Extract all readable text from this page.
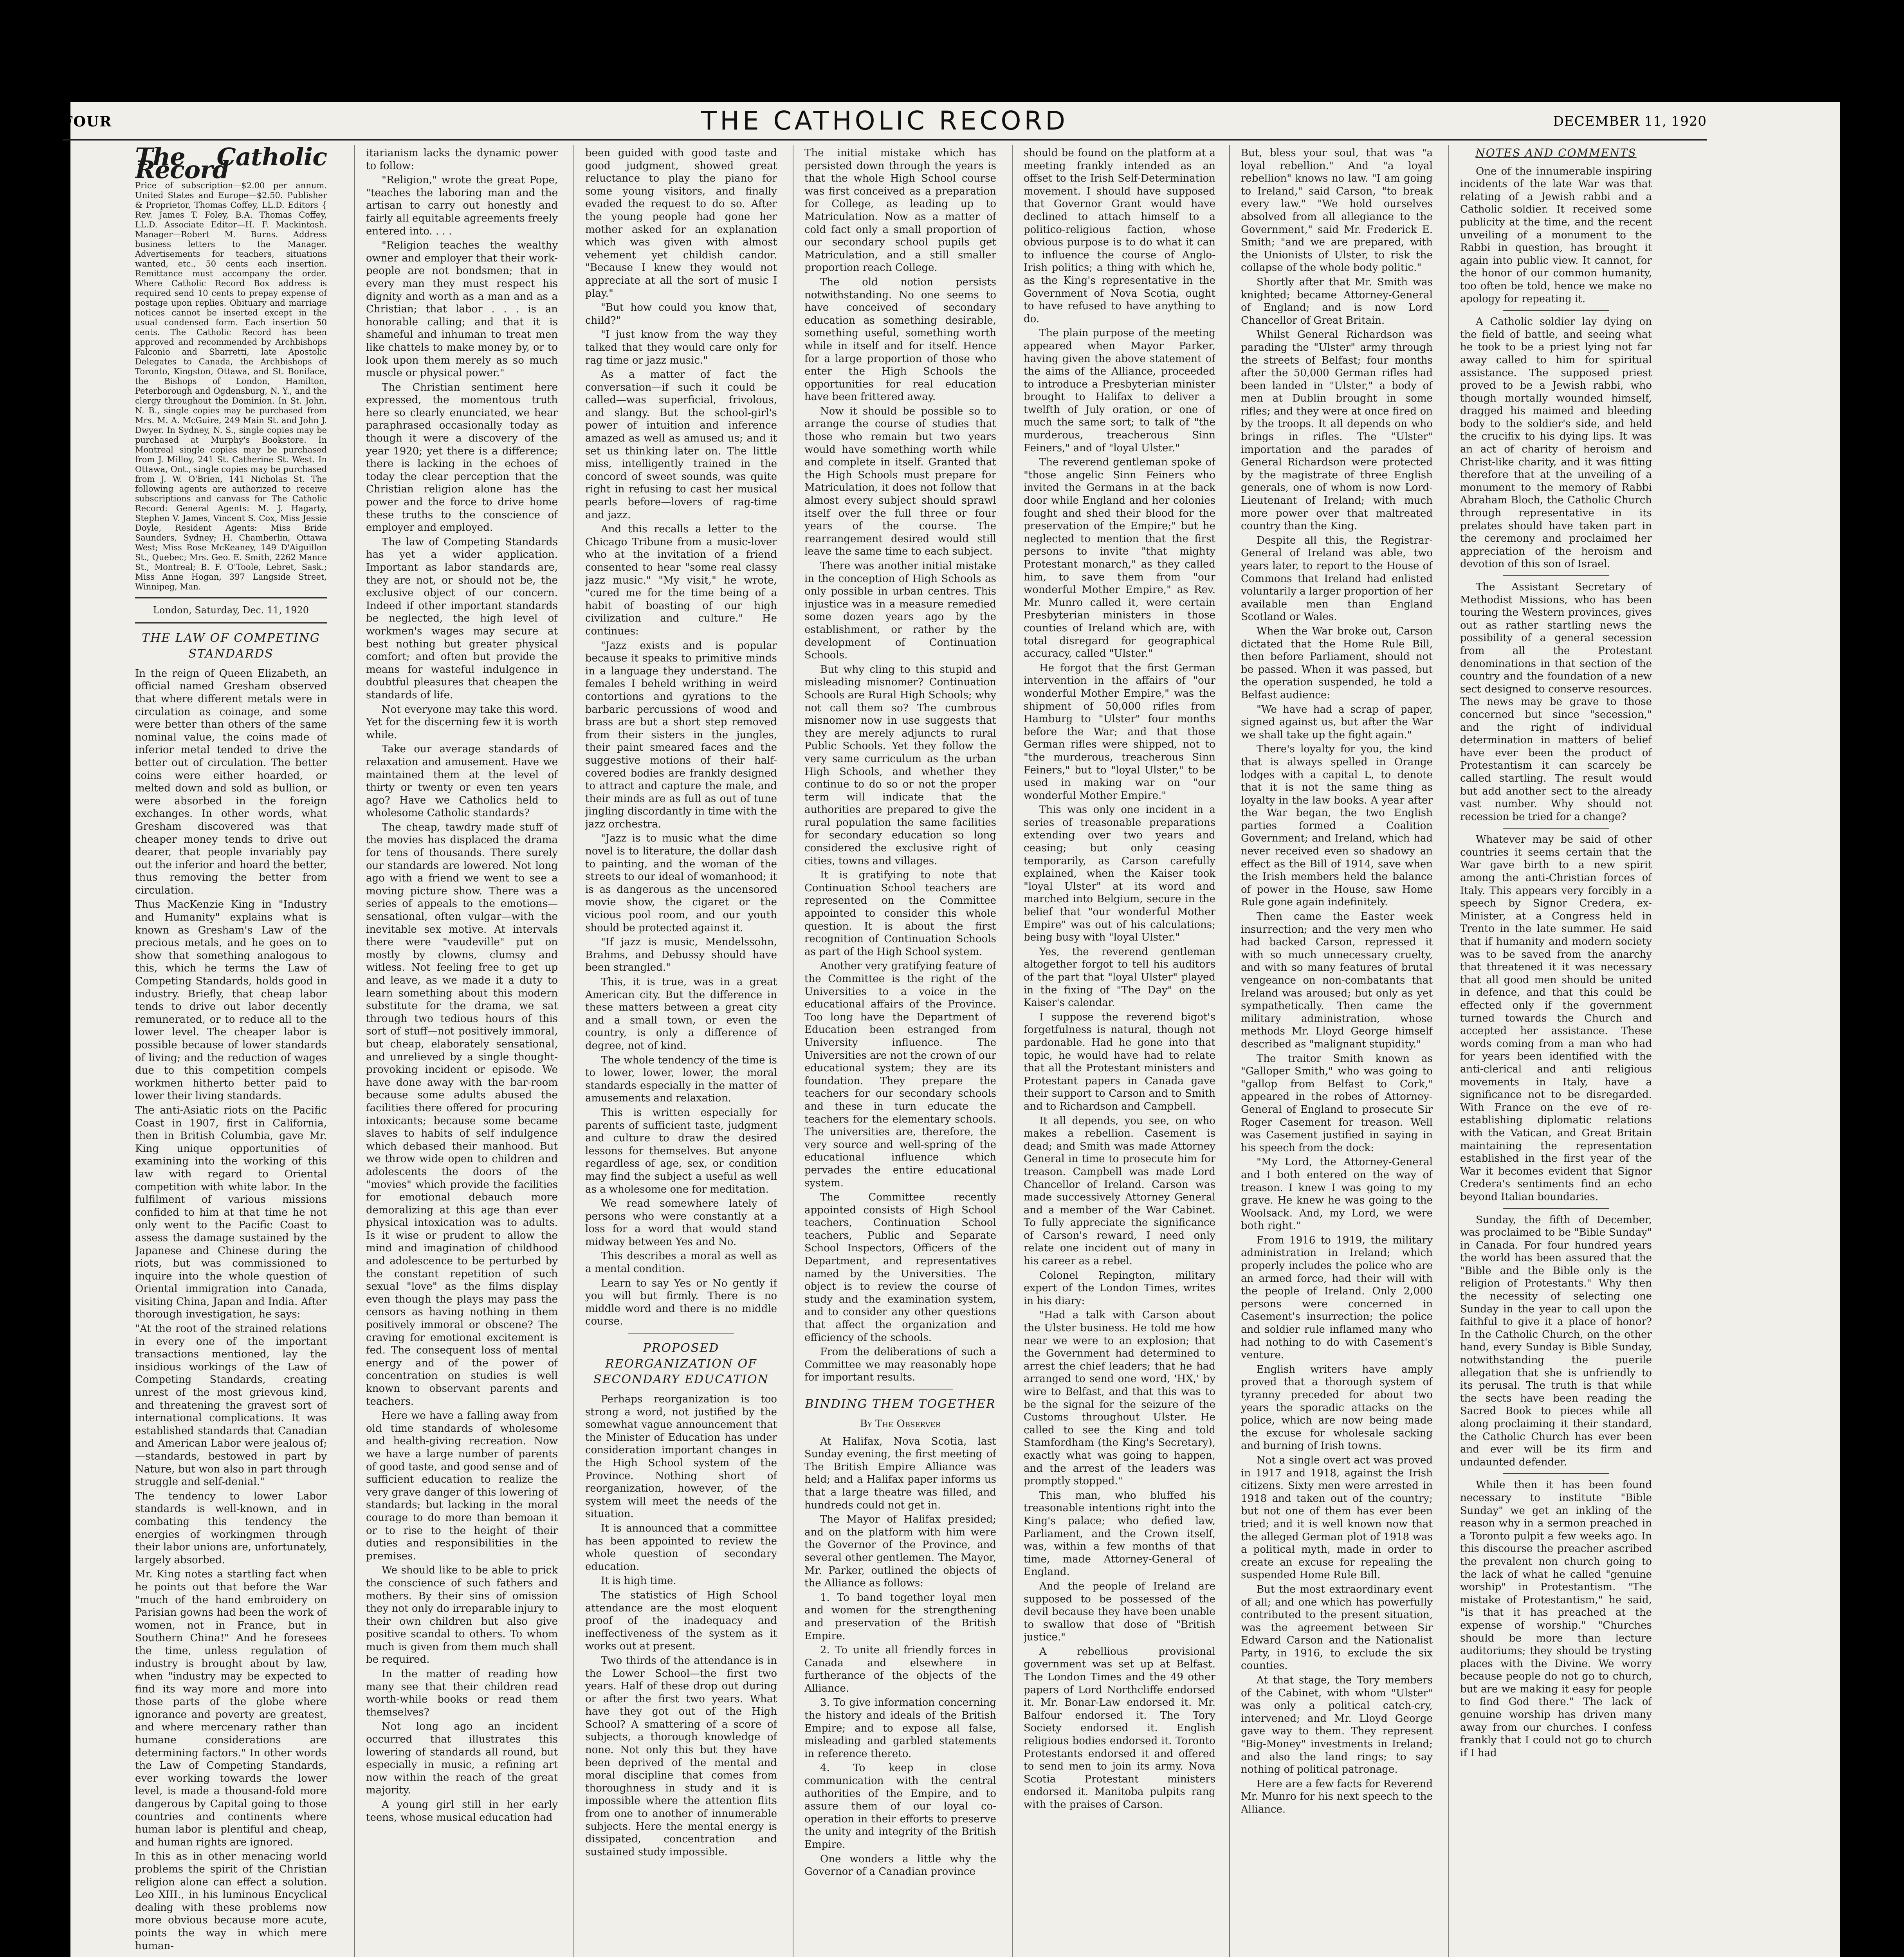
FOUR	THE CATHOLIC RECORD	DECEMBER 11, 1920
The Catholic Record
Price of subscription—$2.00 per annum. United States and Europe—$2.50. Publisher & Proprietor, Thomas Coffey, LL.D. Editors { Rev. James T. Foley, B.A. Thomas Coffey, LL.D. Associate Editor—H. F. Mackintosh. Manager—Robert M. Burns. Address business letters to the Manager. Advertisements for teachers, situations wanted, etc., 50 cents each insertion. Remittance must accompany the order. Where Catholic Record Box address is required send 10 cents to prepay expense of postage upon replies. Obituary and marriage notices cannot be inserted except in the usual condensed form. Each insertion 50 cents. The Catholic Record has been approved and recommended by Archbishops Falconio and Sbarretti, late Apostolic Delegates to Canada, the Archbishops of Toronto, Kingston, Ottawa, and St. Boniface, the Bishops of London, Hamilton, Peterborough and Ogdensburg, N. Y., and the clergy throughout the Dominion. In St. John, N. B., single copies may be purchased from Mrs. M. A. McGuire, 249 Main St. and John J. Dwyer. In Sydney, N. S., single copies may be purchased at Murphy's Bookstore. In Montreal single copies may be purchased from J. Milloy, 241 St. Catherine St. West. In Ottawa, Ont., single copies may be purchased from J. W. O'Brien, 141 Nicholas St. The following agents are authorized to receive subscriptions and canvass for The Catholic Record: General Agents: M. J. Hagarty, Stephen V. James, Vincent S. Cox, Miss Jessie Doyle, Resident Agents: Miss Bride Saunders, Sydney; H. Chamberlin, Ottawa West; Miss Rose McKeaney, 149 D'Aiguillon St., Quebec; Mrs. Geo. E. Smith, 2262 Mance St., Montreal; B. F. O'Toole, Lebret, Sask.; Miss Anne Hogan, 397 Langside Street, Winnipeg, Man.
London, Saturday, Dec. 11, 1920
THE LAW OF COMPETING STANDARDS

In the reign of Queen Elizabeth, an official named Gresham observed that where different metals were in circulation as coinage, and some were better than others of the same nominal value, the coins made of inferior metal tended to drive the better out of circulation. The better coins were either hoarded, or melted down and sold as bullion, or were absorbed in the foreign exchanges. In other words, what Gresham discovered was that cheaper money tends to drive out dearer, that people invariably pay out the inferior and hoard the better, thus removing the better from circulation.

Thus MacKenzie King in "Industry and Humanity" explains what is known as Gresham's Law of the precious metals, and he goes on to show that something analogous to this, which he terms the Law of Competing Standards, holds good in industry. Briefly, that cheap labor tends to drive out labor decently remunerated, or to reduce all to the lower level. The cheaper labor is possible because of lower standards of living; and the reduction of wages due to this competition compels workmen hitherto better paid to lower their living standards.

The anti-Asiatic riots on the Pacific Coast in 1907, first in California, then in British Columbia, gave Mr. King unique opportunities of examining into the working of this law with regard to Oriental competition with white labor. In the fulfilment of various missions confided to him at that time he not only went to the Pacific Coast to assess the damage sustained by the Japanese and Chinese during the riots, but was commissioned to inquire into the whole question of Oriental immigration into Canada, visiting China, Japan and India. After thorough investigation, he says:

"At the root of the strained relations in every one of the important transactions mentioned, lay the insidious workings of the Law of Competing Standards, creating unrest of the most grievous kind, and threatening the gravest sort of international complications. It was established standards that Canadian and American Labor were jealous of;—standards, bestowed in part by Nature, but won also in part through struggle and self-denial."

The tendency to lower Labor standards is well-known, and in combating this tendency the energies of workingmen through their labor unions are, unfortunately, largely absorbed.

Mr. King notes a startling fact when he points out that before the War "much of the hand embroidery on Parisian gowns had been the work of women, not in France, but in Southern China!" And he foresees the time, unless regulation of industry is brought about by law, when "industry may be expected to find its way more and more into those parts of the globe where ignorance and poverty are greatest, and where mercenary rather than humane considerations are determining factors." In other words the Law of Competing Standards, ever working towards the lower level, is made a thousand-fold more dangerous by Capital going to those countries and continents where human labor is plentiful and cheap, and human rights are ignored.

In this as in other menacing world problems the spirit of the Christian religion alone can effect a solution. Leo XIII., in his luminous Encyclical dealing with these problems now more obvious because more acute, points the way in which mere human-

itarianism lacks the dynamic power to follow:

"Religion," wrote the great Pope, "teaches the laboring man and the artisan to carry out honestly and fairly all equitable agreements freely entered into. . . .

"Religion teaches the wealthy owner and employer that their work-people are not bondsmen; that in every man they must respect his dignity and worth as a man and as a Christian; that labor . . . is an honorable calling; and that it is shameful and inhuman to treat men like chattels to make money by, or to look upon them merely as so much muscle or physical power."

The Christian sentiment here expressed, the momentous truth here so clearly enunciated, we hear paraphrased occasionally today as though it were a discovery of the year 1920; yet there is a difference; there is lacking in the echoes of today the clear perception that the Christian religion alone has the power and the force to drive home these truths to the conscience of employer and employed.

The law of Competing Standards has yet a wider application. Important as labor standards are, they are not, or should not be, the exclusive object of our concern. Indeed if other important standards be neglected, the high level of workmen's wages may secure at best nothing but greater physical comfort; and often but provide the means for wasteful indulgence in doubtful pleasures that cheapen the standards of life.

Not everyone may take this word. Yet for the discerning few it is worth while.

Take our average standards of relaxation and amusement. Have we maintained them at the level of thirty or twenty or even ten years ago? Have we Catholics held to wholesome Catholic standards?

The cheap, tawdry made stuff of the movies has displaced the drama for tens of thousands. There surely our standards are lowered. Not long ago with a friend we went to see a moving picture show. There was a series of appeals to the emotions—sensational, often vulgar—with the inevitable sex motive. At intervals there were "vaudeville" put on mostly by clowns, clumsy and witless. Not feeling free to get up and leave, as we made it a duty to learn something about this modern substitute for the drama, we sat through two tedious hours of this sort of stuff—not positively immoral, but cheap, elaborately sensational, and unrelieved by a single thought-provoking incident or episode. We have done away with the bar-room because some adults abused the facilities there offered for procuring intoxicants; because some became slaves to habits of self indulgence which debased their manhood. But we throw wide open to children and adolescents the doors of the "movies" which provide the facilities for emotional debauch more demoralizing at this age than ever physical intoxication was to adults. Is it wise or prudent to allow the mind and imagination of childhood and adolescence to be perturbed by the constant repetition of such sexual "love" as the films display even though the plays may pass the censors as having nothing in them positively immoral or obscene? The craving for emotional excitement is fed. The consequent loss of mental energy and of the power of concentration on studies is well known to observant parents and teachers.

Here we have a falling away from old time standards of wholesome and health-giving recreation. Now we have a large number of parents of good taste, and good sense and of sufficient education to realize the very grave danger of this lowering of standards; but lacking in the moral courage to do more than bemoan it or to rise to the height of their duties and responsibilities in the premises.

We should like to be able to prick the conscience of such fathers and mothers. By their sins of omission they not only do irreparable injury to their own children but also give positive scandal to others. To whom much is given from them much shall be required.

In the matter of reading how many see that their children read worth-while books or read them themselves?

Not long ago an incident occurred that illustrates this lowering of standards all round, but especially in music, a refining art now within the reach of the great majority.

A young girl still in her early teens, whose musical education had

been guided with good taste and good judgment, showed great reluctance to play the piano for some young visitors, and finally evaded the request to do so. After the young people had gone her mother asked for an explanation which was given with almost vehement yet childish candor. "Because I knew they would not appreciate at all the sort of music I play."

"But how could you know that, child?"

"I just know from the way they talked that they would care only for rag time or jazz music."

As a matter of fact the conversation—if such it could be called—was superficial, frivolous, and slangy. But the school-girl's power of intuition and inference amazed as well as amused us; and it set us thinking later on. The little miss, intelligently trained in the concord of sweet sounds, was quite right in refusing to cast her musical pearls before—lovers of rag-time and jazz.

And this recalls a letter to the Chicago Tribune from a music-lover who at the invitation of a friend consented to hear "some real classy jazz music." "My visit," he wrote, "cured me for the time being of a habit of boasting of our high civilization and culture." He continues:

"Jazz exists and is popular because it speaks to primitive minds in a language they understand. The females I beheld writhing in weird contortions and gyrations to the barbaric percussions of wood and brass are but a short step removed from their sisters in the jungles, their paint smeared faces and the suggestive motions of their half-covered bodies are frankly designed to attract and capture the male, and their minds are as full as out of tune jingling discordantly in time with the jazz orchestra.

"Jazz is to music what the dime novel is to literature, the dollar dash to painting, and the woman of the streets to our ideal of womanhood; it is as dangerous as the uncensored movie show, the cigaret or the vicious pool room, and our youth should be protected against it.

"If jazz is music, Mendelssohn, Brahms, and Debussy should have been strangled."

This, it is true, was in a great American city. But the difference in these matters between a great city and a small town, or even the country, is only a difference of degree, not of kind.

The whole tendency of the time is to lower, lower, lower, the moral standards especially in the matter of amusements and relaxation.

This is written especially for parents of sufficient taste, judgment and culture to draw the desired lessons for themselves. But anyone regardless of age, sex, or condition may find the subject a useful as well as a wholesome one for meditation.

We read somewhere lately of persons who were constantly at a loss for a word that would stand midway between Yes and No.

This describes a moral as well as a mental condition.

Learn to say Yes or No gently if you will but firmly. There is no middle word and there is no middle course.

PROPOSED REORGANIZATION OF SECONDARY EDUCATION

Perhaps reorganization is too strong a word, not justified by the somewhat vague announcement that the Minister of Education has under consideration important changes in the High School system of the Province. Nothing short of reorganization, however, of the system will meet the needs of the situation.

It is announced that a committee has been appointed to review the whole question of secondary education.

It is high time.

The statistics of High School attendance are the most eloquent proof of the inadequacy and ineffectiveness of the system as it works out at present.

Two thirds of the attendance is in the Lower School—the first two years. Half of these drop out during or after the first two years. What have they got out of the High School? A smattering of a score of subjects, a thorough knowledge of none. Not only this but they have been deprived of the mental and moral discipline that comes from thoroughness in study and it is impossible where the attention flits from one to another of innumerable subjects. Here the mental energy is dissipated, concentration and sustained study impossible.

The initial mistake which has persisted down through the years is that the whole High School course was first conceived as a preparation for College, as leading up to Matriculation. Now as a matter of cold fact only a small proportion of our secondary school pupils get Matriculation, and a still smaller proportion reach College.

The old notion persists notwithstanding. No one seems to have conceived of secondary education as something desirable, something useful, something worth while in itself and for itself. Hence for a large proportion of those who enter the High Schools the opportunities for real education have been frittered away.

Now it should be possible so to arrange the course of studies that those who remain but two years would have something worth while and complete in itself. Granted that the High Schools must prepare for Matriculation, it does not follow that almost every subject should sprawl itself over the full three or four years of the course. The rearrangement desired would still leave the same time to each subject.

There was another initial mistake in the conception of High Schools as only possible in urban centres. This injustice was in a measure remedied some dozen years ago by the establishment, or rather by the development of Continuation Schools.

But why cling to this stupid and misleading misnomer? Continuation Schools are Rural High Schools; why not call them so? The cumbrous misnomer now in use suggests that they are merely adjuncts to rural Public Schools. Yet they follow the very same curriculum as the urban High Schools, and whether they continue to do so or not the proper term will indicate that the authorities are prepared to give the rural population the same facilities for secondary education so long considered the exclusive right of cities, towns and villages.

It is gratifying to note that Continuation School teachers are represented on the Committee appointed to consider this whole question. It is about the first recognition of Continuation Schools as part of the High School system.

Another very gratifying feature of the Committee is the right of the Universities to a voice in the educational affairs of the Province. Too long have the Department of Education been estranged from University influence. The Universities are not the crown of our educational system; they are its foundation. They prepare the teachers for our secondary schools and these in turn educate the teachers for the elementary schools. The universities are, therefore, the very source and well-spring of the educational influence which pervades the entire educational system.

The Committee recently appointed consists of High School teachers, Continuation School teachers, Public and Separate School Inspectors, Officers of the Department, and representatives named by the Universities. The object is to review the course of study and the examination system, and to consider any other questions that affect the organization and efficiency of the schools.

From the deliberations of such a Committee we may reasonably hope for important results.

BINDING THEM TOGETHER
By The Observer

At Halifax, Nova Scotia, last Sunday evening, the first meeting of The British Empire Alliance was held; and a Halifax paper informs us that a large theatre was filled, and hundreds could not get in.

The Mayor of Halifax presided; and on the platform with him were the Governor of the Province, and several other gentlemen. The Mayor, Mr. Parker, outlined the objects of the Alliance as follows:

1. To band together loyal men and women for the strengthening and preservation of the British Empire.

2. To unite all friendly forces in Canada and elsewhere in furtherance of the objects of the Alliance.

3. To give information concerning the history and ideals of the British Empire; and to expose all false, misleading and garbled statements in reference thereto.

4. To keep in close communication with the central authorities of the Empire, and to assure them of our loyal co-operation in their efforts to preserve the unity and integrity of the British Empire.

One wonders a little why the Governor of a Canadian province

should be found on the platform at a meeting frankly intended as an offset to the Irish Self-Determination movement. I should have supposed that Governor Grant would have declined to attach himself to a politico-religious faction, whose obvious purpose is to do what it can to influence the course of Anglo-Irish politics; a thing with which he, as the King's representative in the Government of Nova Scotia, ought to have refused to have anything to do.

The plain purpose of the meeting appeared when Mayor Parker, having given the above statement of the aims of the Alliance, proceeded to introduce a Presbyterian minister brought to Halifax to deliver a twelfth of July oration, or one of much the same sort; to talk of "the murderous, treacherous Sinn Feiners," and of "loyal Ulster."

The reverend gentleman spoke of "those angelic Sinn Feiners who invited the Germans in at the back door while England and her colonies fought and shed their blood for the preservation of the Empire;" but he neglected to mention that the first persons to invite "that mighty Protestant monarch," as they called him, to save them from "our wonderful Mother Empire," as Rev. Mr. Munro called it, were certain Presbyterian ministers in those counties of Ireland which are, with total disregard for geographical accuracy, called "Ulster."

He forgot that the first German intervention in the affairs of "our wonderful Mother Empire," was the shipment of 50,000 rifles from Hamburg to "Ulster" four months before the War; and that those German rifles were shipped, not to "the murderous, treacherous Sinn Feiners," but to "loyal Ulster," to be used in making war on "our wonderful Mother Empire."

This was only one incident in a series of treasonable preparations extending over two years and ceasing; but only ceasing temporarily, as Carson carefully explained, when the Kaiser took "loyal Ulster" at its word and marched into Belgium, secure in the belief that "our wonderful Mother Empire" was out of his calculations; being busy with "loyal Ulster."

Yes, the reverend gentleman altogether forgot to tell his auditors of the part that "loyal Ulster" played in the fixing of "The Day" on the Kaiser's calendar.

I suppose the reverend bigot's forgetfulness is natural, though not pardonable. Had he gone into that topic, he would have had to relate that all the Protestant ministers and Protestant papers in Canada gave their support to Carson and to Smith and to Richardson and Campbell.

It all depends, you see, on who makes a rebellion. Casement is dead; and Smith was made Attorney General in time to prosecute him for treason. Campbell was made Lord Chancellor of Ireland. Carson was made successively Attorney General and a member of the War Cabinet. To fully appreciate the significance of Carson's reward, I need only relate one incident out of many in his career as a rebel.

Colonel Repington, military expert of the London Times, writes in his diary:

"Had a talk with Carson about the Ulster business. He told me how near we were to an explosion; that the Government had determined to arrest the chief leaders; that he had arranged to send one word, 'HX,' by wire to Belfast, and that this was to be the signal for the seizure of the Customs throughout Ulster. He called to see the King and told Stamfordham (the King's Secretary), exactly what was going to happen, and the arrest of the leaders was promptly stopped."

This man, who bluffed his treasonable intentions right into the King's palace; who defied law, Parliament, and the Crown itself, was, within a few months of that time, made Attorney-General of England.

And the people of Ireland are supposed to be possessed of the devil because they have been unable to swallow that dose of "British justice."

A rebellious provisional government was set up at Belfast. The London Times and the 49 other papers of Lord Northcliffe endorsed it. Mr. Bonar-Law endorsed it. Mr. Balfour endorsed it. The Tory Society endorsed it. English religious bodies endorsed it. Toronto Protestants endorsed it and offered to send men to join its army. Nova Scotia Protestant ministers endorsed it. Manitoba pulpits rang with the praises of Carson.

But, bless your soul, that was "a loyal rebellion." And "a loyal rebellion" knows no law. "I am going to Ireland," said Carson, "to break every law." "We hold ourselves absolved from all allegiance to the Government," said Mr. Frederick E. Smith; "and we are prepared, with the Unionists of Ulster, to risk the collapse of the whole body politic."

Shortly after that Mr. Smith was knighted; became Attorney-General of England; and is now Lord Chancellor of Great Britain.

Whilst General Richardson was parading the "Ulster" army through the streets of Belfast; four months after the 50,000 German rifles had been landed in "Ulster," a body of men at Dublin brought in some rifles; and they were at once fired on by the troops. It all depends on who brings in rifles. The "Ulster" importation and the parades of General Richardson were protected by the magistrate of three English generals, one of whom is now Lord-Lieutenant of Ireland; with much more power over that maltreated country than the King.

Despite all this, the Registrar-General of Ireland was able, two years later, to report to the House of Commons that Ireland had enlisted voluntarily a larger proportion of her available men than England Scotland or Wales.

When the War broke out, Carson dictated that the Home Rule Bill, then before Parliament, should not be passed. When it was passed, but the operation suspended, he told a Belfast audience:

"We have had a scrap of paper, signed against us, but after the War we shall take up the fight again."

There's loyalty for you, the kind that is always spelled in Orange lodges with a capital L, to denote that it is not the same thing as loyalty in the law books. A year after the War began, the two English parties formed a Coalition Government; and Ireland, which had never received even so shadowy an effect as the Bill of 1914, save when the Irish members held the balance of power in the House, saw Home Rule gone again indefinitely.

Then came the Easter week insurrection; and the very men who had backed Carson, repressed it with so much unnecessary cruelty, and with so many features of brutal vengeance on non-combatants that Ireland was aroused; but only as yet sympathetically. Then came the military administration, whose methods Mr. Lloyd George himself described as "malignant stupidity."

The traitor Smith known as "Galloper Smith," who was going to "gallop from Belfast to Cork," appeared in the robes of Attorney-General of England to prosecute Sir Roger Casement for treason. Well was Casement justified in saying in his speech from the dock:

"My Lord, the Attorney-General and I both entered on the way of treason. I knew I was going to my grave. He knew he was going to the Woolsack. And, my Lord, we were both right."

From 1916 to 1919, the military administration in Ireland; which properly includes the police who are an armed force, had their will with the people of Ireland. Only 2,000 persons were concerned in Casement's insurrection; the police and soldier rule inflamed many who had nothing to do with Casement's venture.

English writers have amply proved that a thorough system of tyranny preceded for about two years the sporadic attacks on the police, which are now being made the excuse for wholesale sacking and burning of Irish towns.

Not a single overt act was proved in 1917 and 1918, against the Irish citizens. Sixty men were arrested in 1918 and taken out of the country; but not one of them has ever been tried; and it is well known now that the alleged German plot of 1918 was a political myth, made in order to create an excuse for repealing the suspended Home Rule Bill.

But the most extraordinary event of all; and one which has powerfully contributed to the present situation, was the agreement between Sir Edward Carson and the Nationalist Party, in 1916, to exclude the six counties.

At that stage, the Tory members of the Cabinet, with whom "Ulster" was only a political catch-cry, intervened; and Mr. Lloyd George gave way to them. They represent "Big-Money" investments in Ireland; and also the land rings; to say nothing of political patronage.

Here are a few facts for Reverend Mr. Munro for his next speech to the Alliance.

NOTES AND COMMENTS

One of the innumerable inspiring incidents of the late War was that relating of a Jewish rabbi and a Catholic soldier. It received some publicity at the time, and the recent unveiling of a monument to the Rabbi in question, has brought it again into public view. It cannot, for the honor of our common humanity, too often be told, hence we make no apology for repeating it.

A Catholic soldier lay dying on the field of battle, and seeing what he took to be a priest lying not far away called to him for spiritual assistance. The supposed priest proved to be a Jewish rabbi, who though mortally wounded himself, dragged his maimed and bleeding body to the soldier's side, and held the crucifix to his dying lips. It was an act of charity of heroism and Christ-like charity, and it was fitting therefore that at the unveiling of a monument to the memory of Rabbi Abraham Bloch, the Catholic Church through representative in its prelates should have taken part in the ceremony and proclaimed her appreciation of the heroism and devotion of this son of Israel.

The Assistant Secretary of Methodist Missions, who has been touring the Western provinces, gives out as rather startling news the possibility of a general secession from all the Protestant denominations in that section of the country and the foundation of a new sect designed to conserve resources. The news may be grave to those concerned but since "secession," and the right of individual determination in matters of belief have ever been the product of Protestantism it can scarcely be called startling. The result would but add another sect to the already vast number. Why should not recession be tried for a change?

Whatever may be said of other countries it seems certain that the War gave birth to a new spirit among the anti-Christian forces of Italy. This appears very forcibly in a speech by Signor Credera, ex-Minister, at a Congress held in Trento in the late summer. He said that if humanity and modern society was to be saved from the anarchy that threatened it it was necessary that all good men should be united in defence, and that this could be effected only if the government turned towards the Church and accepted her assistance. These words coming from a man who had for years been identified with the anti-clerical and anti religious movements in Italy, have a significance not to be disregarded. With France on the eve of re-establishing diplomatic relations with the Vatican, and Great Britain maintaining the representation established in the first year of the War it becomes evident that Signor Credera's sentiments find an echo beyond Italian boundaries.

Sunday, the fifth of December, was proclaimed to be "Bible Sunday" in Canada. For four hundred years the world has been assured that the "Bible and the Bible only is the religion of Protestants." Why then the necessity of selecting one Sunday in the year to call upon the faithful to give it a place of honor? In the Catholic Church, on the other hand, every Sunday is Bible Sunday, notwithstanding the puerile allegation that she is unfriendly to its perusal. The truth is that while the sects have been reading the Sacred Book to pieces while all along proclaiming it their standard, the Catholic Church has ever been and ever will be its firm and undaunted defender.

While then it has been found necessary to institute "Bible Sunday" we get an inkling of the reason why in a sermon preached in a Toronto pulpit a few weeks ago. In this discourse the preacher ascribed the prevalent non church going to the lack of what he called "genuine worship" in Protestantism. "The mistake of Protestantism," he said, "is that it has preached at the expense of worship." "Churches should be more than lecture auditoriums; they should be trysting places with the Divine. We worry because people do not go to church, but are we making it easy for people to find God there." The lack of genuine worship has driven many away from our churches. I confess frankly that I could not go to church if I had
